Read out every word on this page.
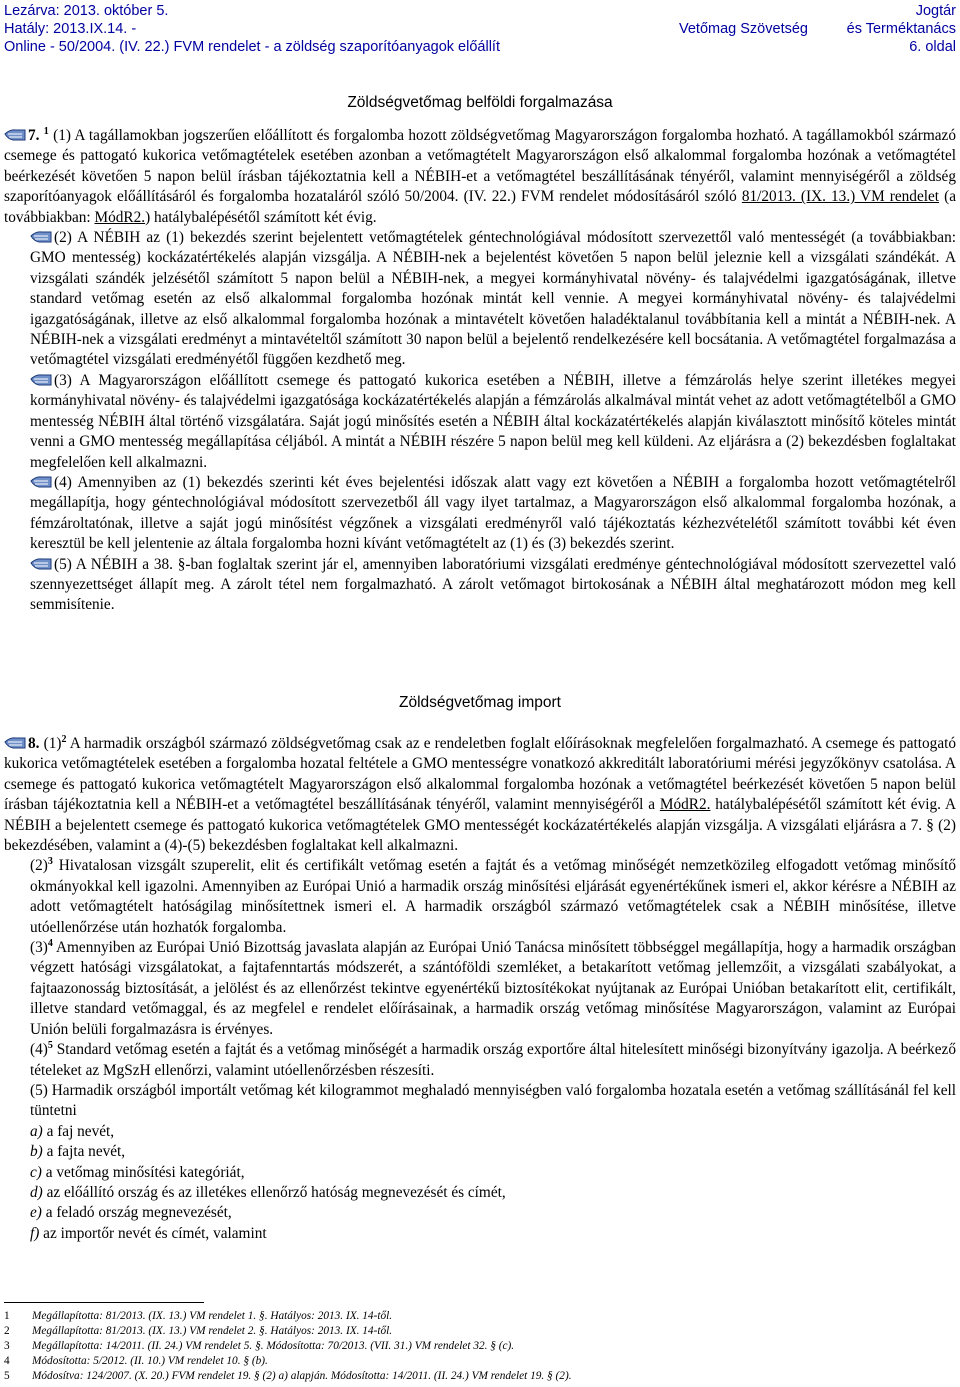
Lezárva: 2013. október 5.
Hatály: 2013.IX.14. -
Online - 50/2004. (IV. 22.) FVM rendelet - a zöldség szaporítóanyagok előállít
Vetőmag Szövetség
Jogtár
és Terméktanács
6. oldal
Zöldségvetőmag belföldi forgalmazása

7. $^1$ (1) A tagállamokban jogszerűen előállított és forgalomba hozott zöldségvetőmag Magyarországon forgalomba hozható. A tagállamokból származó csemege és pattogató kukorica vetőmagtételek esetében azonban a vetőmagtételt Magyarországon első alkalommal forgalomba hozónak a vetőmagtétel beérkezését követően 5 napon belül írásban tájékoztatnia kell a NÉBIH-et a vetőmagtétel beszállításának tényéről, valamint mennyiségéről a zöldség szaporítóanyagok előállításáról és forgalomba hozataláról szóló 50/2004. (IV. 22.) FVM rendelet módosításáról szóló 81/2013. (IX. 13.) VM rendelet (a továbbiakban: MódR2.) hatálybalépésétől számított két évig.

(2) A NÉBIH az (1) bekezdés szerint bejelentett vetőmagtételek géntechnológiával módosított szervezettől való mentességét (a továbbiakban: GMO mentesség) kockázatértékelés alapján vizsgálja. A NÉBIH-nek a bejelentést követően 5 napon belül jeleznie kell a vizsgálati szándékát. A vizsgálati szándék jelzésétől számított 5 napon belül a NÉBIH-nek, a megyei kormányhivatal növény- és talajvédelmi igazgatóságának, illetve standard vetőmag esetén az első alkalommal forgalomba hozónak mintát kell vennie. A megyei kormányhivatal növény- és talajvédelmi igazgatóságának, illetve az első alkalommal forgalomba hozónak a mintavételt követően haladéktalanul továbbítania kell a mintát a NÉBIH-nek. A NÉBIH-nek a vizsgálati eredményt a mintavételtől számított 30 napon belül a bejelentő rendelkezésére kell bocsátania. A vetőmagtétel forgalmazása a vetőmagtétel vizsgálati eredményétől függően kezdhető meg.

(3) A Magyarországon előállított csemege és pattogató kukorica esetében a NÉBIH, illetve a fémzárolás helye szerint illetékes megyei kormányhivatal növény- és talajvédelmi igazgatósága kockázatértékelés alapján a fémzárolás alkalmával mintát vehet az adott vetőmagtételből a GMO mentesség NÉBIH által történő vizsgálatára. Saját jogú minősítés esetén a NÉBIH által kockázatértékelés alapján kiválasztott minősítő köteles mintát venni a GMO mentesség megállapítása céljából. A mintát a NÉBIH részére 5 napon belül meg kell küldeni. Az eljárásra a (2) bekezdésben foglaltakat megfelelően kell alkalmazni.

(4) Amennyiben az (1) bekezdés szerinti két éves bejelentési időszak alatt vagy ezt követően a NÉBIH a forgalomba hozott vetőmagtételről megállapítja, hogy géntechnológiával módosított szervezetből áll vagy ilyet tartalmaz, a Magyarországon első alkalommal forgalomba hozónak, a fémzároltatónak, illetve a saját jogú minősítést végzőnek a vizsgálati eredményről való tájékoztatás kézhezvételétől számított további két éven keresztül be kell jelentenie az általa forgalomba hozni kívánt vetőmagtételt az (1) és (3) bekezdés szerint.

(5) A NÉBIH a 38. §-ban foglaltak szerint jár el, amennyiben laboratóriumi vizsgálati eredménye géntechnológiával módosított szervezettel való szennyezettséget állapít meg. A zárolt tétel nem forgalmazható. A zárolt vetőmagot birtokosának a NÉBIH által meghatározott módon meg kell semmisítenie.

Zöldségvetőmag import

8. $(1)^2$ A harmadik országból származó zöldségvetőmag csak az e rendeletben foglalt előírásoknak megfelelően forgalmazható. A csemege és pattogató kukorica vetőmagtételek esetében a forgalomba hozatal feltétele a GMO mentességre vonatkozó akkreditált laboratóriumi mérési jegyzőkönyv csatolása. A csemege és pattogató kukorica vetőmagtételt Magyarországon első alkalommal forgalomba hozónak a vetőmagtétel beérkezését követően 5 napon belül írásban tájékoztatnia kell a NÉBIH-et a vetőmagtétel beszállításának tényéről, valamint mennyiségéről a MódR2. hatálybalépésétől számított két évig. A NÉBIH a bejelentett csemege és pattogató kukorica vetőmagtételek GMO mentességét kockázatértékelés alapján vizsgálja. A vizsgálati eljárásra a 7. § (2) bekezdésében, valamint a (4)-(5) bekezdésben foglaltakat kell alkalmazni.

$(2)^3$ Hivatalosan vizsgált szuperelit, elit és certifikált vetőmag esetén a fajtát és a vetőmag minőségét nemzetközileg elfogadott vetőmag minősítő okmányokkal kell igazolni. Amennyiben az Európai Unió a harmadik ország minősítési eljárását egyenértékűnek ismeri el, akkor kérésre a NÉBIH az adott vetőmagtételt hatóságilag minősítettnek ismeri el. A harmadik országból származó vetőmagtételek csak a NÉBIH minősítése, illetve utóellenőrzése után hozhatók forgalomba.

$(3)^4$ Amennyiben az Európai Unió Bizottság javaslata alapján az Európai Unió Tanácsa minősített többséggel megállapítja, hogy a harmadik országban végzett hatósági vizsgálatokat, a fajtafenntartás módszerét, a szántóföldi szemléket, a betakarított vetőmag jellemzőit, a vizsgálati szabályokat, a fajtaazonosság biztosítását, a jelölést és az ellenőrzést tekintve egyenértékű biztosítékokat nyújtanak az Európai Unióban betakarított elit, certifikált, illetve standard vetőmaggal, és az megfelel e rendelet előírásainak, a harmadik ország vetőmag minősítése Magyarországon, valamint az Európai Unión belüli forgalmazásra is érvényes.

$(4)^5$ Standard vetőmag esetén a fajtát és a vetőmag minőségét a harmadik ország exportőre által hitelesített minőségi bizonyítvány igazolja. A beérkező tételeket az MgSzH ellenőrzi, valamint utóellenőrzésben részesíti.

(5) Harmadik országból importált vetőmag két kilogrammot meghaladó mennyiségben való forgalomba hozatala esetén a vetőmag szállításánál fel kell tüntetni

a) a faj nevét,

b) a fajta nevét,

c) a vetőmag minősítési kategóriát,

d) az előállító ország és az illetékes ellenőrző hatóság megnevezését és címét,

e) a feladó ország megnevezését,

f) az importőr nevét és címét, valamint

1 Megállapította: 81/2013. (IX. 13.) VM rendelet 1. §. Hatályos: 2013. IX. 14-től.
2 Megállapította: 81/2013. (IX. 13.) VM rendelet 2. §. Hatályos: 2013. IX. 14-től.
3 Megállapította: 14/2011. (II. 24.) VM rendelet 5. §. Módosította: 70/2013. (VII. 31.) VM rendelet 32. § (c).
4 Módosította: 5/2012. (II. 10.) VM rendelet 10. § (b).
5 Módosítva: 124/2007. (X. 20.) FVM rendelet 19. § (2) a) alapján. Módosította: 14/2011. (II. 24.) VM rendelet 19. § (2).
